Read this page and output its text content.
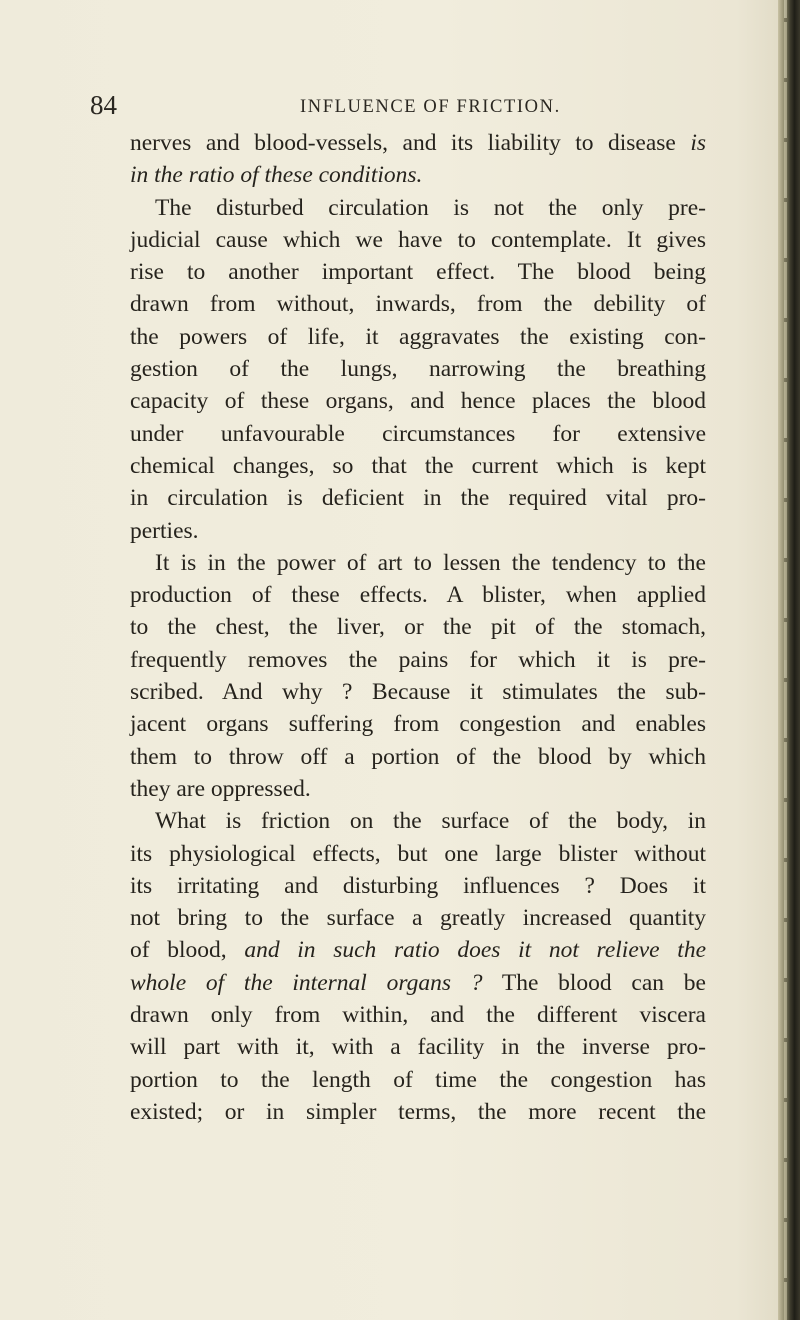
84	INFLUENCE OF FRICTION.
nerves and blood-vessels, and its liability to disease is
in the ratio of these conditions.
The disturbed circulation is not the only pre-
judicial cause which we have to contemplate. It gives
rise to another important effect. The blood being
drawn from without, inwards, from the debility of
the powers of life, it aggravates the existing con-
gestion of the lungs, narrowing the breathing
capacity of these organs, and hence places the blood
under unfavourable circumstances for extensive
chemical changes, so that the current which is kept
in circulation is deficient in the required vital pro-
perties.
It is in the power of art to lessen the tendency to the
production of these effects. A blister, when applied
to the chest, the liver, or the pit of the stomach,
frequently removes the pains for which it is pre-
scribed. And why ? Because it stimulates the sub-
jacent organs suffering from congestion and enables
them to throw off a portion of the blood by which
they are oppressed.
What is friction on the surface of the body, in
its physiological effects, but one large blister without
its irritating and disturbing influences ? Does it
not bring to the surface a greatly increased quantity
of blood, and in such ratio does it not relieve the
whole of the internal organs ? The blood can be
drawn only from within, and the different viscera
will part with it, with a facility in the inverse pro-
portion to the length of time the congestion has
existed; or in simpler terms, the more recent the
